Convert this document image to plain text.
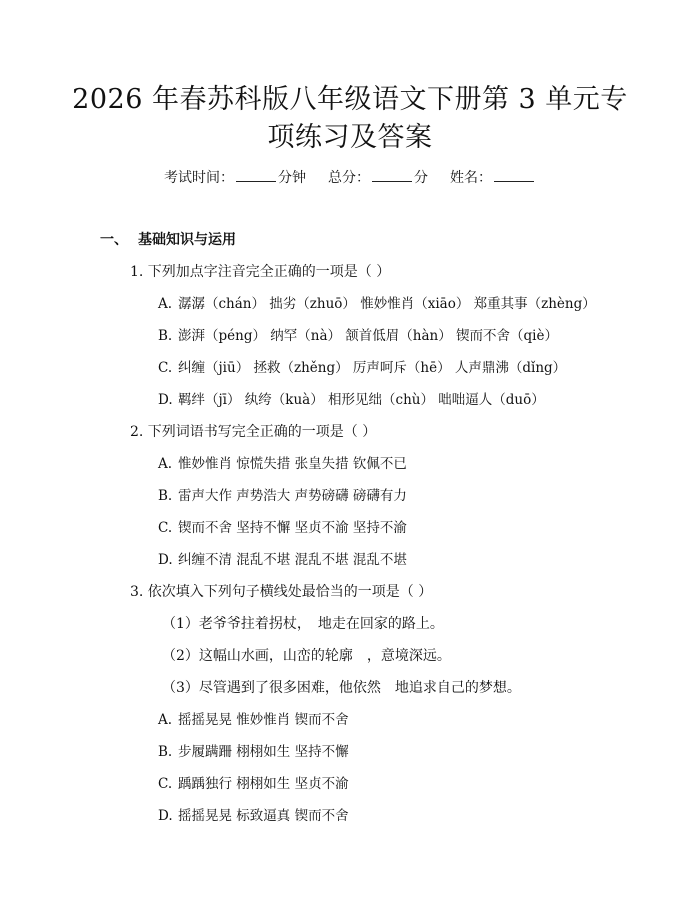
2026 年春苏科版八年级语文下册第 3 单元专
项练习及答案
考试时间：	分钟 总分：	分 姓名：
一、 基础知识与运用
1. 下列加点字注音完全正确的一项是（ ）
A. 潺潺（chán） 拙劣（zhuō） 惟妙惟肖（xiāo） 郑重其事（zhèng）
B. 澎湃（péng） 纳罕（nà） 颔首低眉（hàn） 锲而不舍（qiè）
C. 纠缠（jiū） 拯救（zhěng） 厉声呵斥（hē） 人声鼎沸（dǐng）
D. 羁绊（jī） 纨绔（kuà） 相形见绌（chù） 咄咄逼人（duō）
2. 下列词语书写完全正确的一项是（ ）
A. 惟妙惟肖 惊慌失措 张皇失措 钦佩不已
B. 雷声大作 声势浩大 声势磅礴 磅礴有力
C. 锲而不舍 坚持不懈 坚贞不渝 坚持不渝
D. 纠缠不清 混乱不堪 混乱不堪 混乱不堪
3. 依次填入下列句子横线处最恰当的一项是（ ）
（1）老爷爷拄着拐杖，　地走在回家的路上。
（2）这幅山水画，山峦的轮廓　，意境深远。
（3）尽管遇到了很多困难，他依然　地追求自己的梦想。
A. 摇摇晃晃 惟妙惟肖 锲而不舍
B. 步履蹒跚 栩栩如生 坚持不懈
C. 踽踽独行 栩栩如生 坚贞不渝
D. 摇摇晃晃 标致逼真 锲而不舍
